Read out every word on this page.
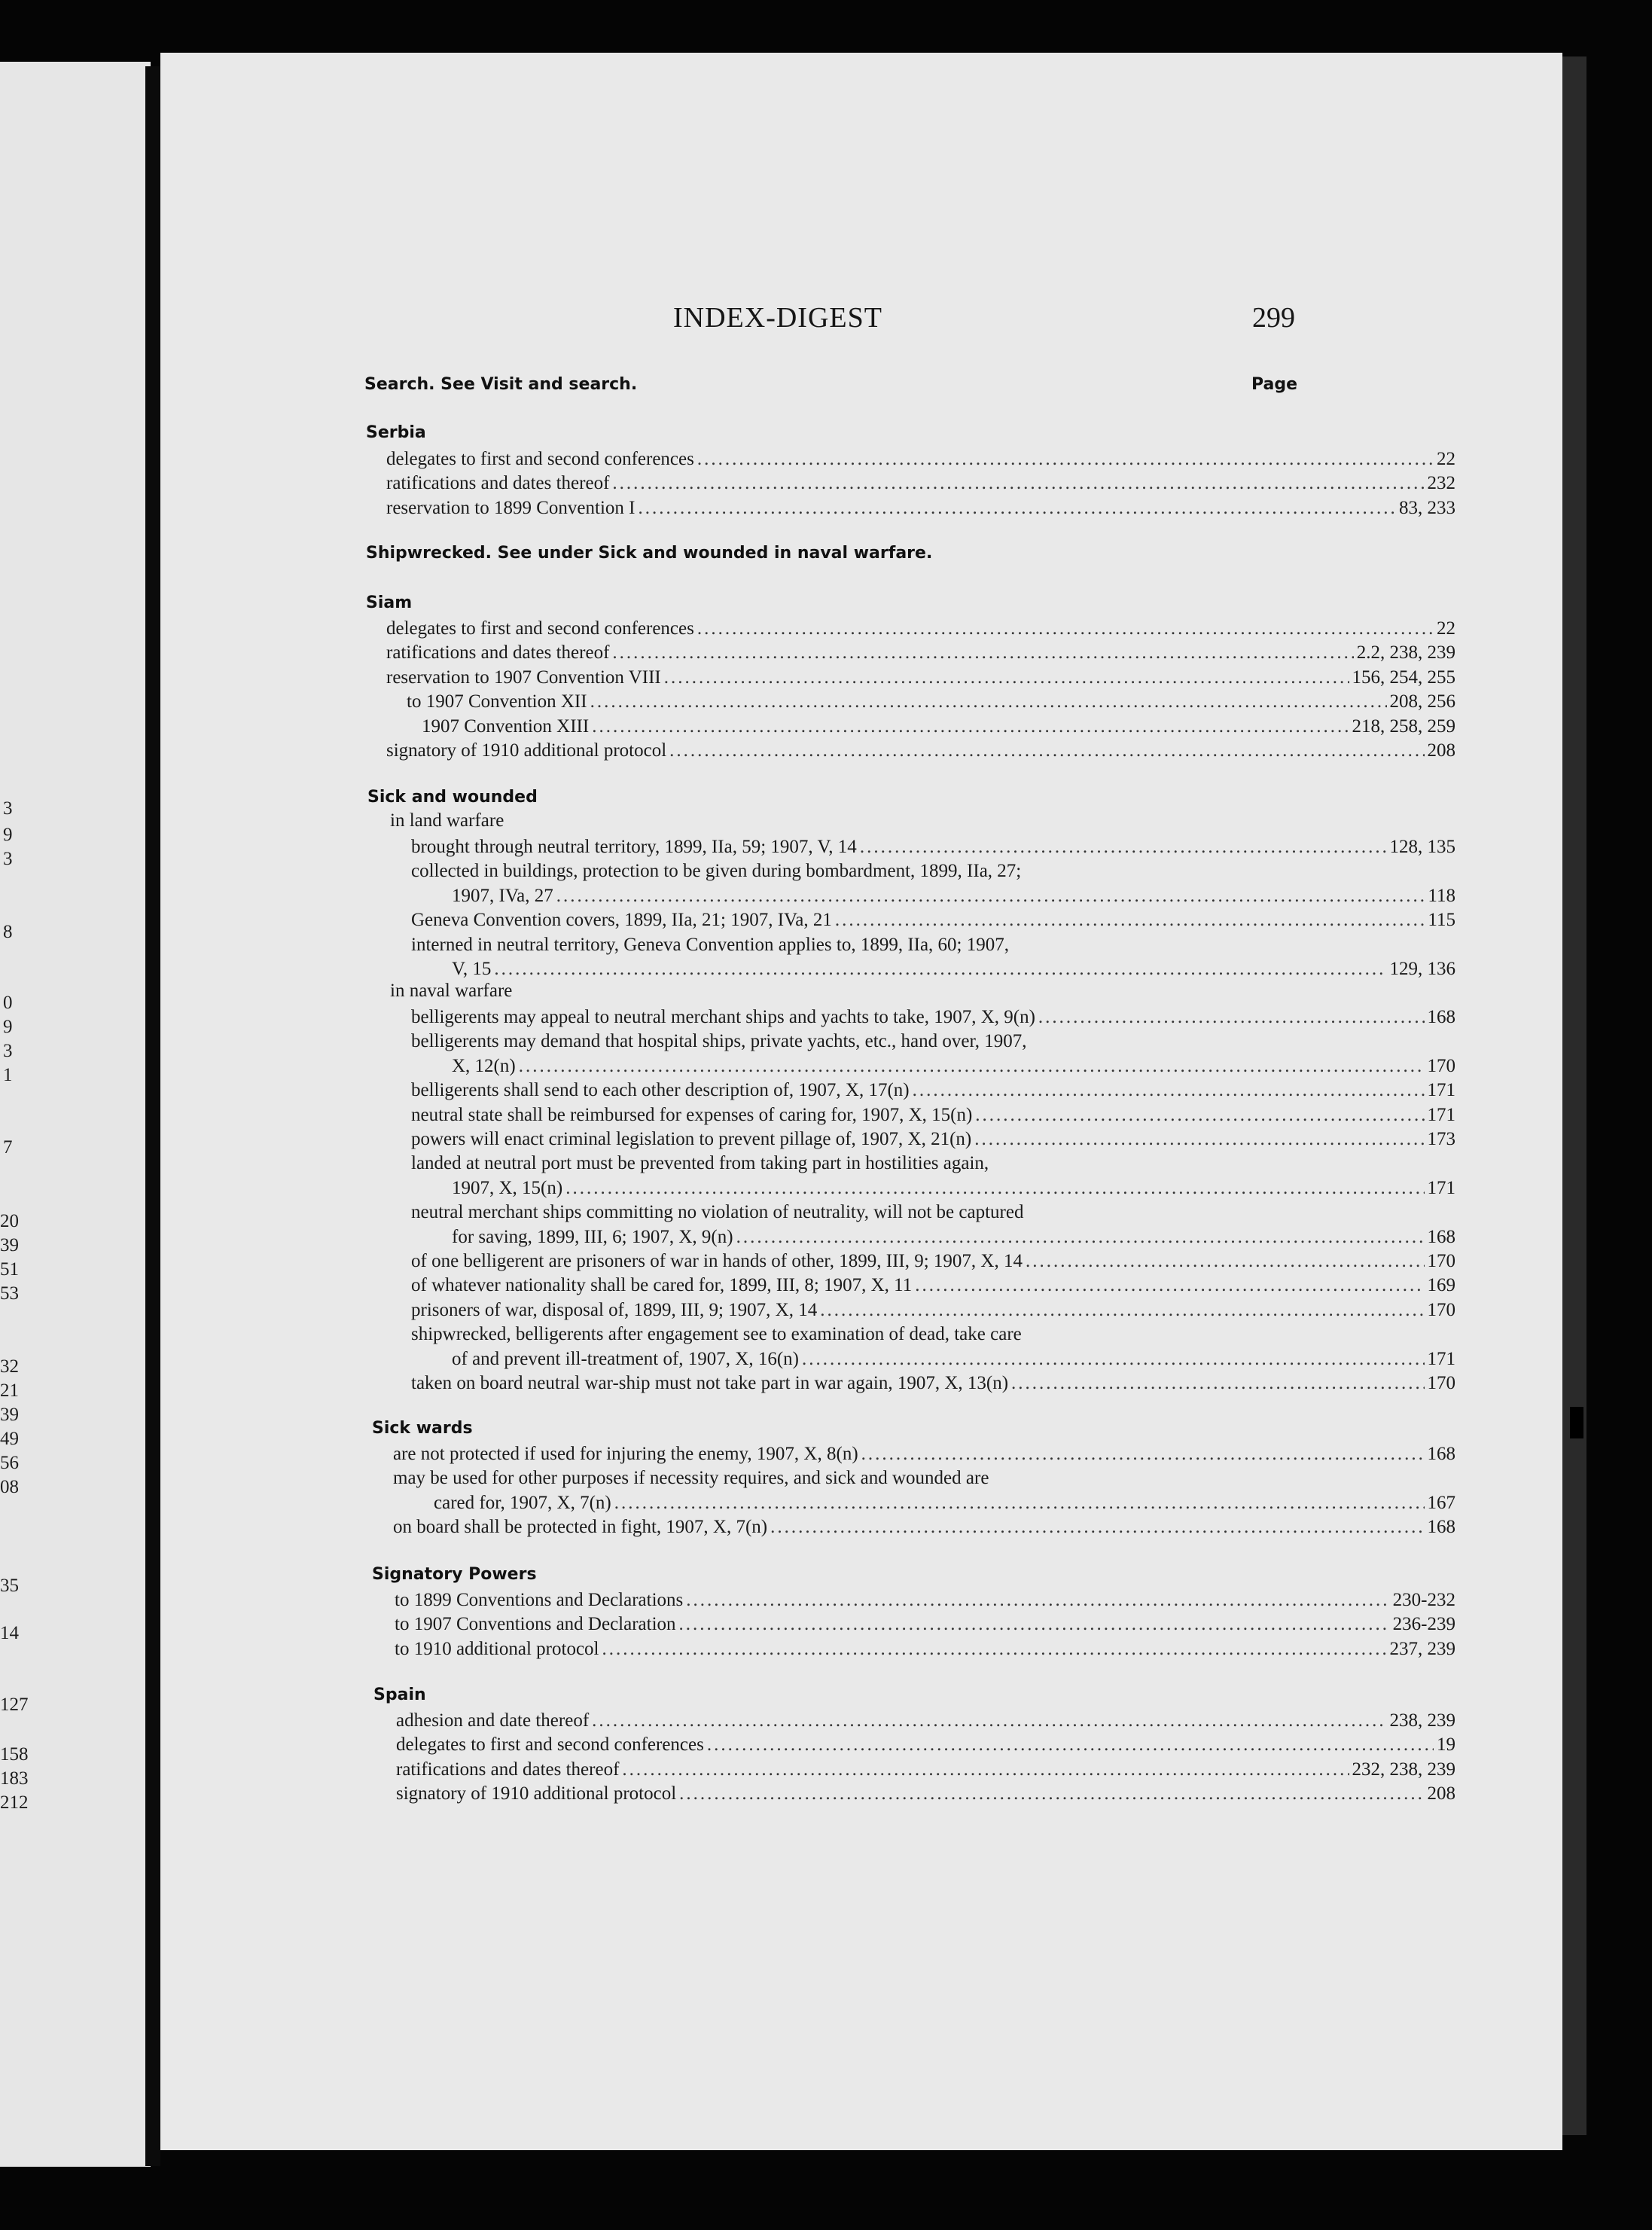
3
9
3
8
0
9
3
1
7
20
39
51
53
32
21
39
49
56
08
35
14
127
158
183
212
Search. See Visit and search.	Page
Serbia
delegates to first and second conferences .....	22
ratifications and dates thereof .....	232
reservation to 1899 Convention I .....	83, 233
Shipwrecked. See under Sick and wounded in naval warfare.
Siam
delegates to first and second conferences .....	22
ratifications and dates thereof .....	2.2, 238, 239
reservation to 1907 Convention VIII .....	156, 254, 255
to 1907 Convention XII .....	208, 256
1907 Convention XIII .....	218, 258, 259
signatory of 1910 additional protocol .....	208
Sick and wounded
in land warfare
brought through neutral territory, 1899, IIa, 59; 1907, V, 14 .....	128, 135
collected in buildings, protection to be given during bombardment, 1899, IIa, 27;
1907, IVa, 27 .....	118
Geneva Convention covers, 1899, IIa, 21; 1907, IVa, 21 .....	115
interned in neutral territory, Geneva Convention applies to, 1899, IIa, 60; 1907,
V, 15 .....	129, 136
in naval warfare
belligerents may appeal to neutral merchant ships and yachts to take, 1907, X, 9(n) .....	168
belligerents may demand that hospital ships, private yachts, etc., hand over, 1907,
X, 12(n) .....	170
belligerents shall send to each other description of, 1907, X, 17(n) .....	171
neutral state shall be reimbursed for expenses of caring for, 1907, X, 15(n) .....	171
powers will enact criminal legislation to prevent pillage of, 1907, X, 21(n) .....	173
landed at neutral port must be prevented from taking part in hostilities again,
1907, X, 15(n) .....	171
neutral merchant ships committing no violation of neutrality, will not be captured
for saving, 1899, III, 6; 1907, X, 9(n) .....	168
of one belligerent are prisoners of war in hands of other, 1899, III, 9; 1907, X, 14 .....	170
of whatever nationality shall be cared for, 1899, III, 8; 1907, X, 11 .....	169
prisoners of war, disposal of, 1899, III, 9; 1907, X, 14 .....	170
shipwrecked, belligerents after engagement see to examination of dead, take care
of and prevent ill-treatment of, 1907, X, 16(n) .....	171
taken on board neutral war-ship must not take part in war again, 1907, X, 13(n) .....	170
Sick wards
are not protected if used for injuring the enemy, 1907, X, 8(n) .....	168
may be used for other purposes if necessity requires, and sick and wounded are
cared for, 1907, X, 7(n) .....	167
on board shall be protected in fight, 1907, X, 7(n) .....	168
Signatory Powers
to 1899 Conventions and Declarations .....	230-232
to 1907 Conventions and Declaration .....	236-239
to 1910 additional protocol .....	237, 239
Spain
adhesion and date thereof .....	238, 239
delegates to first and second conferences .....	19
ratifications and dates thereof .....	232, 238, 239
signatory of 1910 additional protocol .....	208
INDEX-DIGEST	299
